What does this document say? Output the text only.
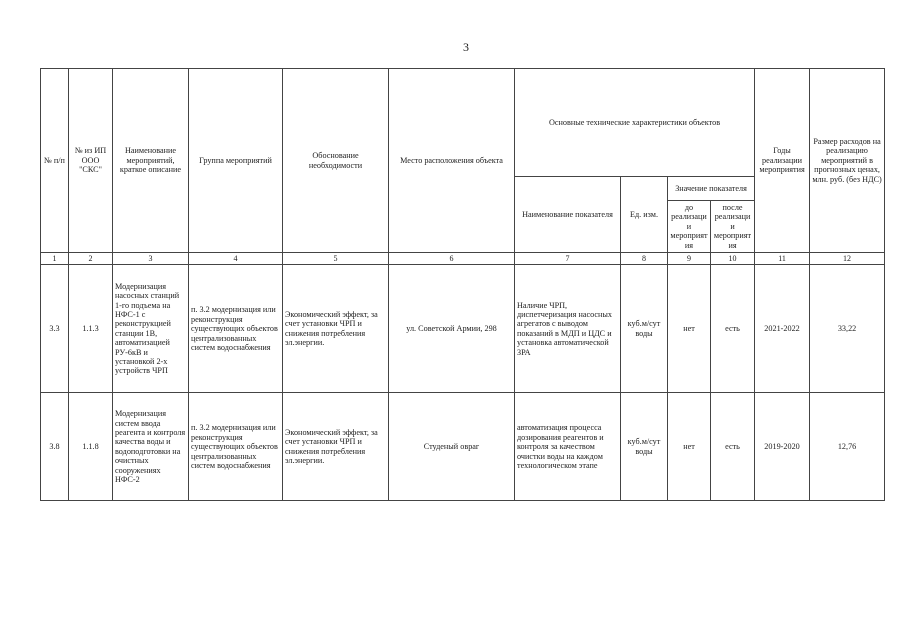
3
№ п/п	№ из ИП ООО "СКС"	Наименование мероприятий, краткое описание	Группа мероприятий	Обоснование необходимости	Место расположения объекта	Основные технические характеристики объектов				Годы реализации мероприятия	Размер расходов на реализацию мероприятий в прогнозных ценах, млн. руб. (без НДС)
						Наименование показателя	Ед. изм.	Значение показателя			
								до реализации мероприятия	после реализации мероприятия		
1	2	3	4	5	6	7	8	9	10	11	12
3.3	1.1.3	Модернизация насосных станций 1-го подъема на НФС-1 с реконструкцией станции 1В, автоматизацией РУ-6кВ и установкой 2-х устройств ЧРП	п. 3.2 модернизация или реконструкция существующих объектов централизованных систем водоснабжения	Экономический эффект, за счет установки ЧРП и снижения потребления эл.энергии.	ул. Советской Армии, 298	Наличие ЧРП, диспетчеризация насосных агрегатов с выводом показаний в МДП и ЦДС и установка автоматической ЗРА	куб.м/сут воды	нет	есть	2021-2022	33,22
3.8	1.1.8	Модернизация систем ввода реагента и контроля качества воды и водоподготовки на очистных сооружениях НФС-2	п. 3.2 модернизация или реконструкция существующих объектов централизованных систем водоснабжения	Экономический эффект, за счет установки ЧРП и снижения потребления эл.энергии.	Студеный овраг	автоматизация процесса дозирования реагентов и контроля за качеством очистки воды на каждом технологическом этапе	куб.м/сут воды	нет	есть	2019-2020	12,76
